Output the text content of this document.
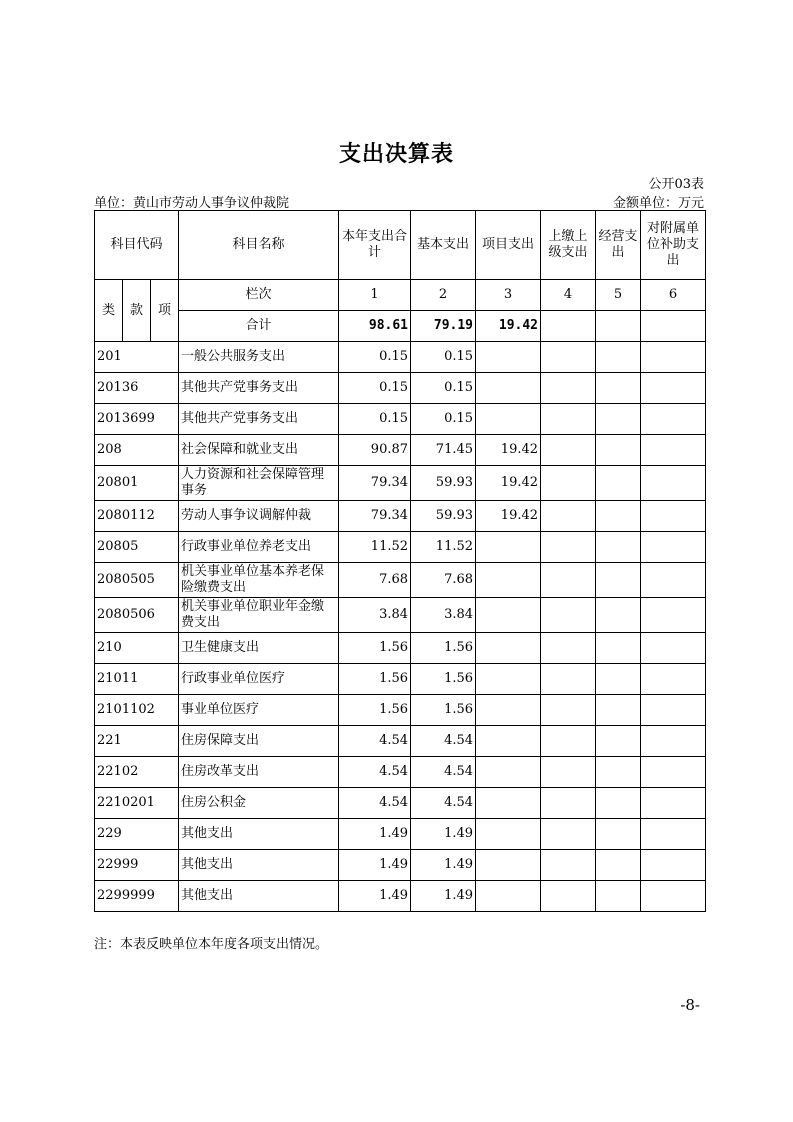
支出决算表
公开03表
单位：黄山市劳动人事争议仲裁院	金额单位：万元
科目代码			科目名称	本年支出合计	基本支出	项目支出	上缴上级支出	经营支出	对附属单位补助支出
类	款	项	栏次	1	2	3	4	5	6
			合计	98.61	79.19	19.42			
201			一般公共服务支出	0.15	0.15				
20136			其他共产党事务支出	0.15	0.15				
2013699			其他共产党事务支出	0.15	0.15				
208			社会保障和就业支出	90.87	71.45	19.42			
20801			人力资源和社会保障管理事务	79.34	59.93	19.42			
2080112			劳动人事争议调解仲裁	79.34	59.93	19.42			
20805			行政事业单位养老支出	11.52	11.52				
2080505			机关事业单位基本养老保险缴费支出	7.68	7.68				
2080506			机关事业单位职业年金缴费支出	3.84	3.84				
210			卫生健康支出	1.56	1.56				
21011			行政事业单位医疗	1.56	1.56				
2101102			事业单位医疗	1.56	1.56				
221			住房保障支出	4.54	4.54				
22102			住房改革支出	4.54	4.54				
2210201			住房公积金	4.54	4.54				
229			其他支出	1.49	1.49				
22999			其他支出	1.49	1.49				
2299999			其他支出	1.49	1.49				
注：本表反映单位本年度各项支出情况。
-8-
